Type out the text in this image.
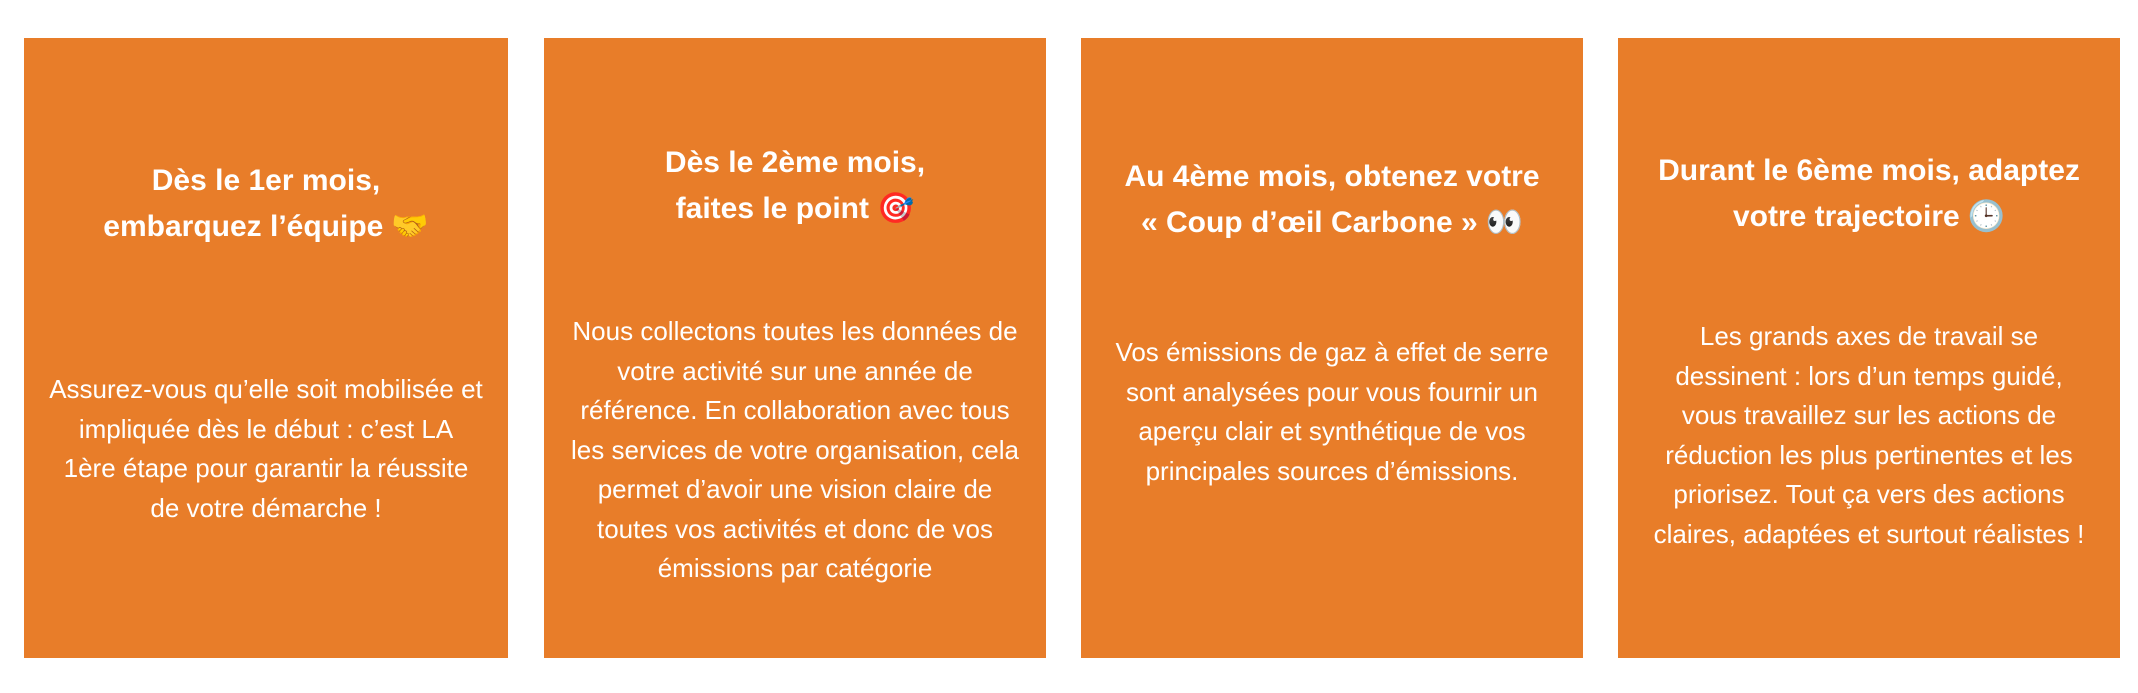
Dès le 1er mois,
embarquez l’équipe 🤝

Assurez-vous qu’elle soit mobilisée et
impliquée dès le début : c’est LA
1ère étape pour garantir la réussite
de votre démarche !

Dès le 2ème mois,
faites le point 🎯

Nous collectons toutes les données de
votre activité sur une année de
référence. En collaboration avec tous
les services de votre organisation, cela
permet d’avoir une vision claire de
toutes vos activités et donc de vos
émissions par catégorie

Au 4ème mois, obtenez votre
« Coup d’œil Carbone » 👀

Vos émissions de gaz à effet de serre
sont analysées pour vous fournir un
aperçu clair et synthétique de vos
principales sources d’émissions.

Durant le 6ème mois, adaptez
votre trajectoire 🕒

Les grands axes de travail se
dessinent : lors d’un temps guidé,
vous travaillez sur les actions de
réduction les plus pertinentes et les
priorisez. Tout ça vers des actions
claires, adaptées et surtout réalistes !
